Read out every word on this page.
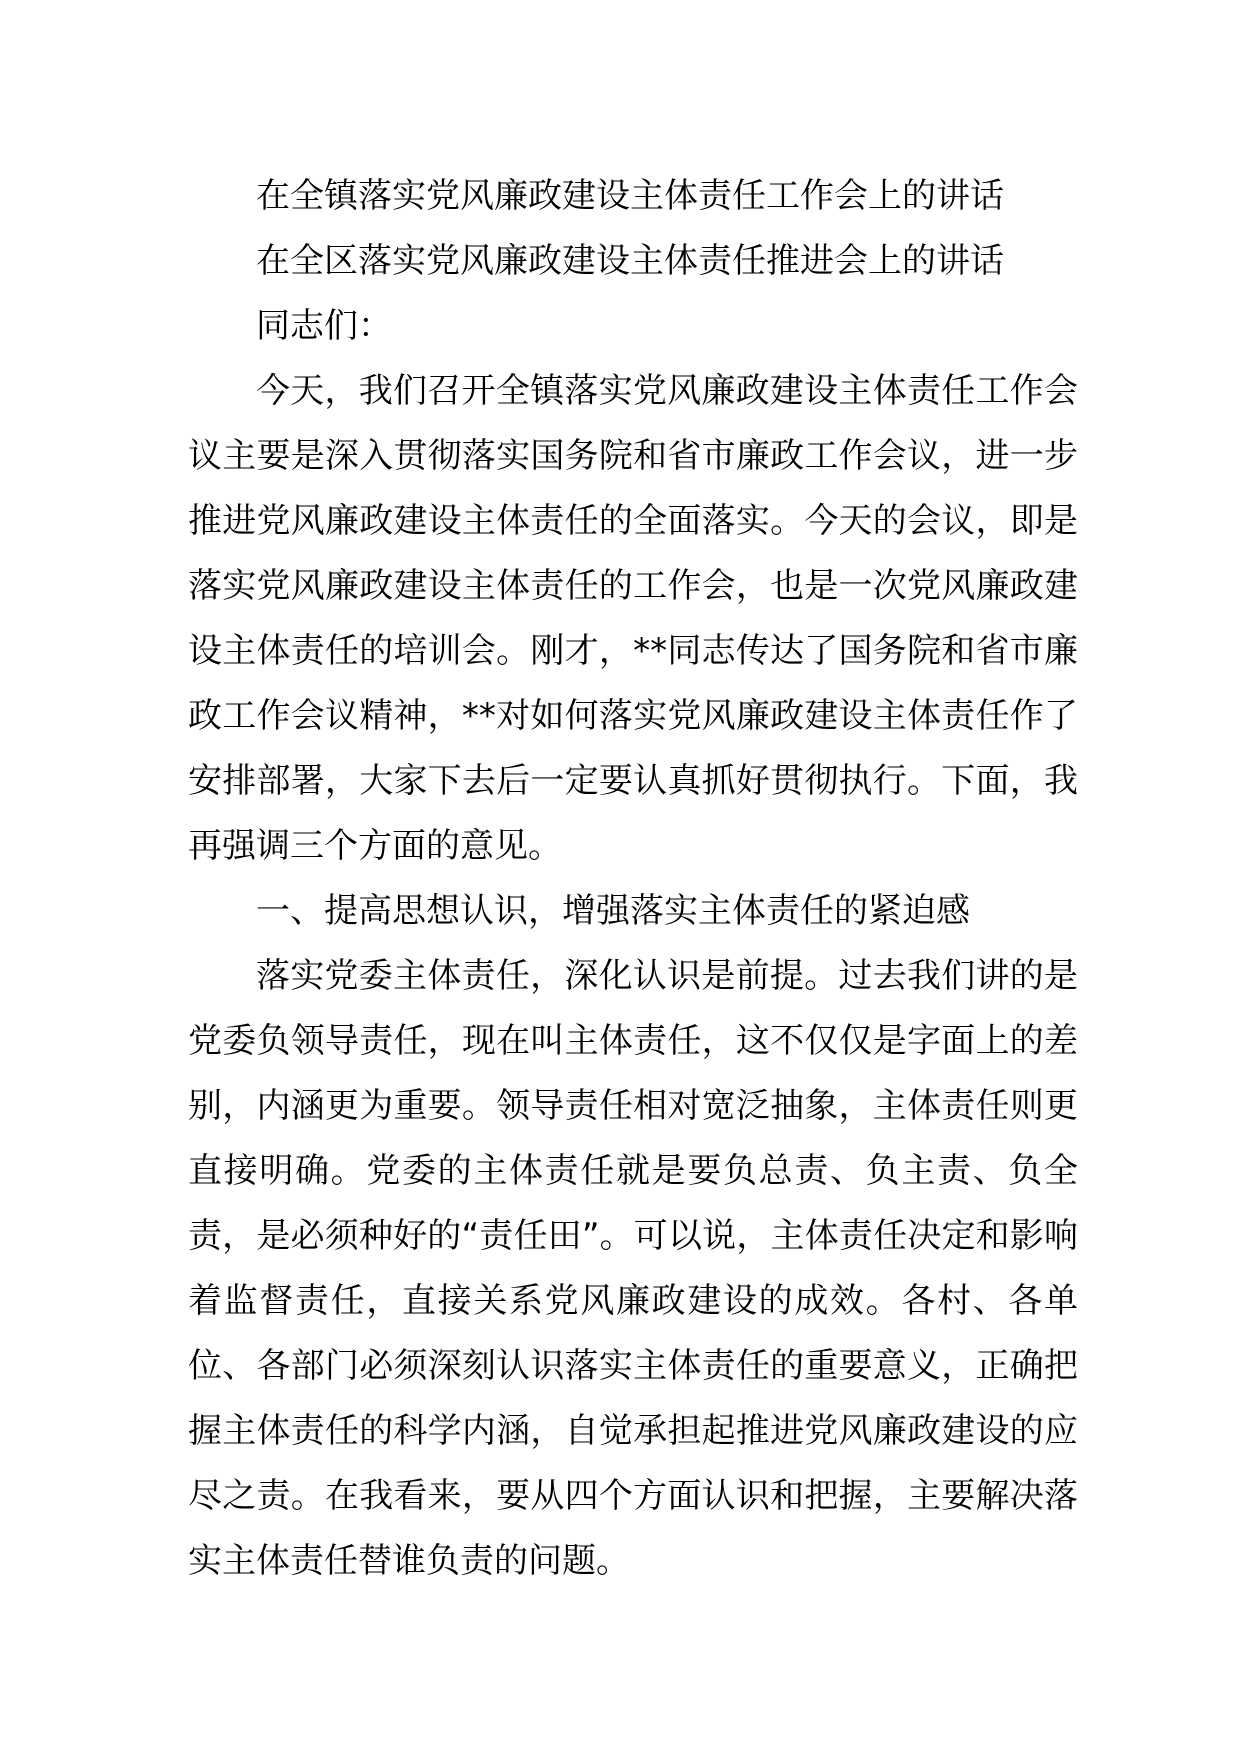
在全镇落实党风廉政建设主体责任工作会上的讲话

在全区落实党风廉政建设主体责任推进会上的讲话

同志们：

今天，我们召开全镇落实党风廉政建设主体责任工作会议主要是深入贯彻落实国务院和省市廉政工作会议，进一步推进党风廉政建设主体责任的全面落实。今天的会议，即是落实党风廉政建设主体责任的工作会，也是一次党风廉政建设主体责任的培训会。刚才，**同志传达了国务院和省市廉政工作会议精神，**对如何落实党风廉政建设主体责任作了安排部署，大家下去后一定要认真抓好贯彻执行。下面，我再强调三个方面的意见。

一、提高思想认识，增强落实主体责任的紧迫感

落实党委主体责任，深化认识是前提。过去我们讲的是党委负领导责任，现在叫主体责任，这不仅仅是字面上的差别，内涵更为重要。领导责任相对宽泛抽象，主体责任则更直接明确。党委的主体责任就是要负总责、负主责、负全责，是必须种好的“责任田”。可以说，主体责任决定和影响着监督责任，直接关系党风廉政建设的成效。各村、各单位、各部门必须深刻认识落实主体责任的重要意义，正确把握主体责任的科学内涵，自觉承担起推进党风廉政建设的应尽之责。在我看来，要从四个方面认识和把握，主要解决落实主体责任替谁负责的问题。
